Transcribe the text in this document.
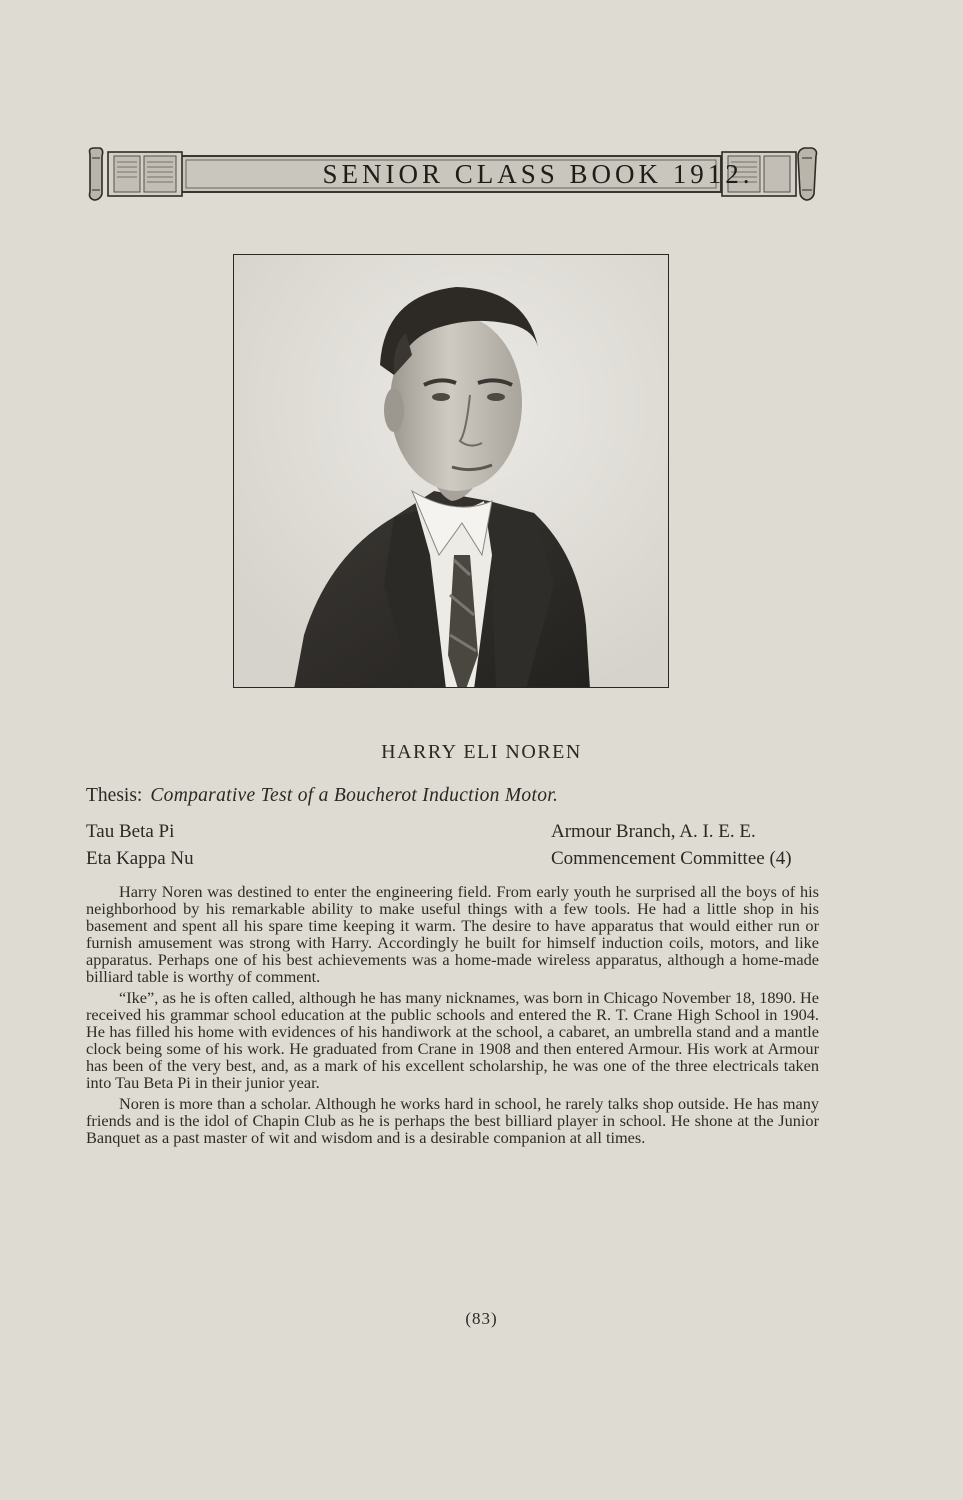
SENIOR CLASS BOOK 1912.
HARRY ELI NOREN
Thesis: Comparative Test of a Boucherot Induction Motor.
Tau Beta Pi
Eta Kappa Nu
Armour Branch, A. I. E. E.
Commencement Committee (4)

Harry Noren was destined to enter the engineering field. From early youth he surprised all the boys of his neighborhood by his remarkable ability to make useful things with a few tools. He had a little shop in his basement and spent all his spare time keeping it warm. The desire to have apparatus that would either run or furnish amusement was strong with Harry. Accordingly he built for himself induction coils, motors, and like apparatus. Perhaps one of his best achievements was a home-made wireless apparatus, although a home-made billiard table is worthy of comment.

“Ike”, as he is often called, although he has many nicknames, was born in Chicago November 18, 1890. He received his grammar school education at the public schools and entered the R. T. Crane High School in 1904. He has filled his home with evidences of his handiwork at the school, a cabaret, an umbrella stand and a mantle clock being some of his work. He graduated from Crane in 1908 and then entered Armour. His work at Armour has been of the very best, and, as a mark of his excellent scholarship, he was one of the three electricals taken into Tau Beta Pi in their junior year.

Noren is more than a scholar. Although he works hard in school, he rarely talks shop outside. He has many friends and is the idol of Chapin Club as he is perhaps the best billiard player in school. He shone at the Junior Banquet as a past master of wit and wisdom and is a desirable companion at all times.

(83)
